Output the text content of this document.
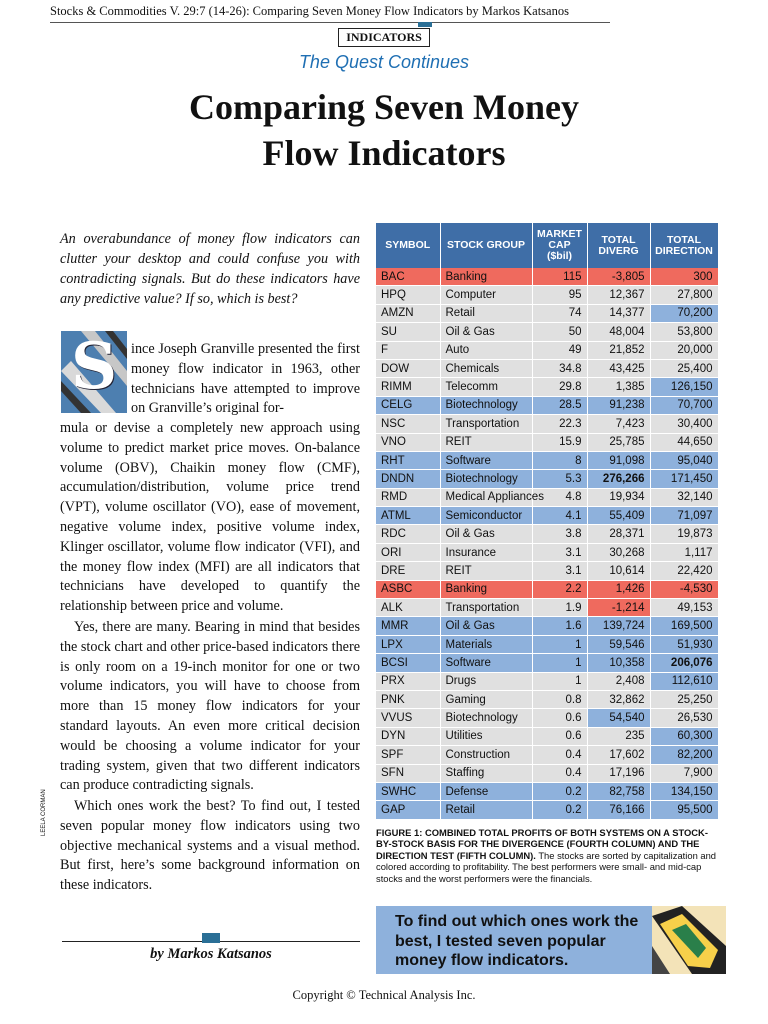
Stocks & Commodities V. 29:7 (14-26): Comparing Seven Money Flow Indicators by Markos Katsanos
INDICATORS
The Quest Continues
Comparing Seven Money
Flow Indicators
An overabundance of money flow indicators can clutter your desktop and could confuse you with contradicting signals. But do these indicators have any predictive value? If so, which is best?
S ince Joseph Granville presented the first money flow indicator in 1963, other technicians have attempted to improve on Granville’s original for-
mula or devise a completely new approach using volume to predict market price moves. On-balance volume (OBV), Chaikin money flow (CMF), accumulation/distribution, volume price trend (VPT), volume oscillator (VO), ease of movement, negative volume index, positive volume index, Klinger oscillator, volume flow indicator (VFI), and the money flow index (MFI) are all indicators that technicians have developed to quantify the relationship between price and volume.
Yes, there are many. Bearing in mind that besides the stock chart and other price-based indicators there is only room on a 19-inch monitor for one or two volume indicators, you will have to choose from more than 15 money flow indicators for your standard layouts. An even more critical decision would be choosing a volume indicator for your trading system, given that two different indicators can produce contradicting signals.
Which ones work the best? To find out, I tested seven popular money flow indicators using two objective mechanical systems and a visual method. But first, here’s some background information on these indicators.
LEELA CORMAN
by Markos Katsanos
SYMBOL	STOCK GROUP	MARKET CAP ($bil)	TOTAL DIVERG	TOTAL DIRECTION
BAC	Banking	115	-3,805	300
HPQ	Computer	95	12,367	27,800
AMZN	Retail	74	14,377	70,200
SU	Oil & Gas	50	48,004	53,800
F	Auto	49	21,852	20,000
DOW	Chemicals	34.8	43,425	25,400
RIMM	Telecomm	29.8	1,385	126,150
CELG	Biotechnology	28.5	91,238	70,700
NSC	Transportation	22.3	7,423	30,400
VNO	REIT	15.9	25,785	44,650
RHT	Software	8	91,098	95,040
DNDN	Biotechnology	5.3	276,266	171,450
RMD	Medical Appliances	4.8	19,934	32,140
ATML	Semiconductor	4.1	55,409	71,097
RDC	Oil & Gas	3.8	28,371	19,873
ORI	Insurance	3.1	30,268	1,117
DRE	REIT	3.1	10,614	22,420
ASBC	Banking	2.2	1,426	-4,530
ALK	Transportation	1.9	-1,214	49,153
MMR	Oil & Gas	1.6	139,724	169,500
LPX	Materials	1	59,546	51,930
BCSI	Software	1	10,358	206,076
PRX	Drugs	1	2,408	112,610
PNK	Gaming	0.8	32,862	25,250
VVUS	Biotechnology	0.6	54,540	26,530
DYN	Utilities	0.6	235	60,300
SPF	Construction	0.4	17,602	82,200
SFN	Staffing	0.4	17,196	7,900
SWHC	Defense	0.2	82,758	134,150
GAP	Retail	0.2	76,166	95,500
FIGURE 1: COMBINED TOTAL PROFITS OF BOTH SYSTEMS ON A STOCK-BY-STOCK BASIS FOR THE DIVERGENCE (FOURTH COLUMN) AND THE DIRECTION TEST (FIFTH COLUMN). The stocks are sorted by capitalization and colored according to profitability. The best performers were small- and mid-cap stocks and the worst performers were the financials.
To find out which ones work the best, I tested seven popular money flow indicators.
Copyright © Technical Analysis Inc.
